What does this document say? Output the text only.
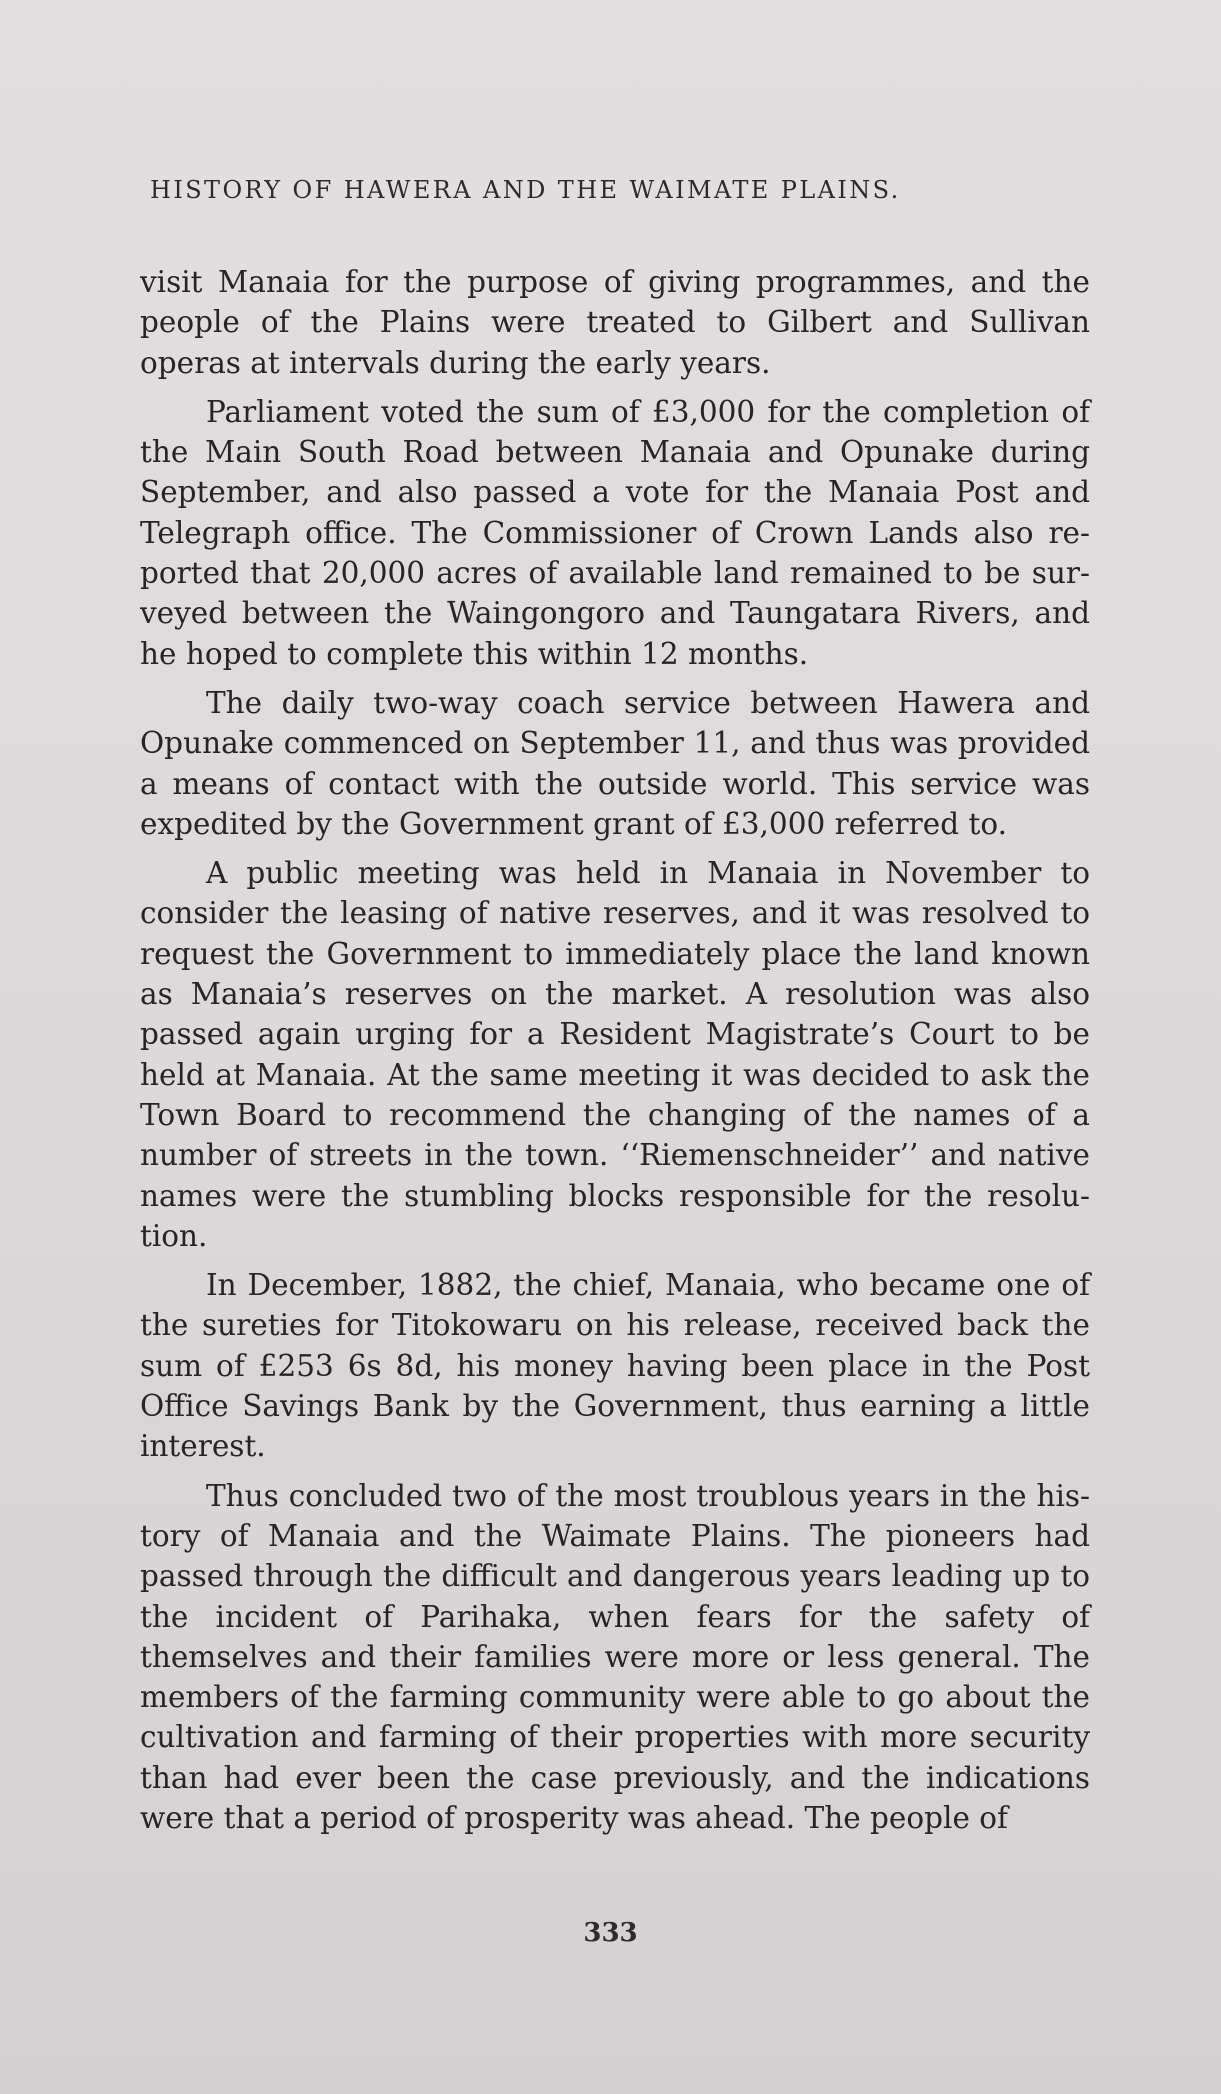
HISTORY OF HAWERA AND THE WAIMATE PLAINS.

visit Manaia for the purpose of giving programmes, and the people of the Plains were treated to Gilbert and Sullivan operas at intervals during the early years.

Parliament voted the sum of £3,000 for the completion of the Main South Road between Manaia and Opunake during September, and also passed a vote for the Manaia Post and Telegraph office. The Commissioner of Crown Lands also reported that 20,000 acres of available land remained to be surveyed between the Waingongoro and Taungatara Rivers, and he hoped to complete this within 12 months.

The daily two-way coach service between Hawera and Opunake commenced on September 11, and thus was provided a means of contact with the outside world. This service was expedited by the Government grant of £3,000 referred to.

A public meeting was held in Manaia in November to consider the leasing of native reserves, and it was resolved to request the Government to immediately place the land known as Manaia’s reserves on the market. A resolution was also passed again urging for a Resident Magistrate’s Court to be held at Manaia. At the same meeting it was decided to ask the Town Board to recommend the changing of the names of a number of streets in the town. ‘‘Riemenschneider’’ and native names were the stumbling blocks responsible for the resolution.

In December, 1882, the chief, Manaia, who became one of the sureties for Titokowaru on his release, received back the sum of £253 6s 8d, his money having been place in the Post Office Savings Bank by the Government, thus earning a little interest.

Thus concluded two of the most troublous years in the history of Manaia and the Waimate Plains. The pioneers had passed through the difficult and dangerous years leading up to the incident of Parihaka, when fears for the safety of themselves and their families were more or less general. The members of the farming community were able to go about the cultivation and farming of their properties with more security than had ever been the case previously, and the indications were that a period of prosperity was ahead. The people of

333
